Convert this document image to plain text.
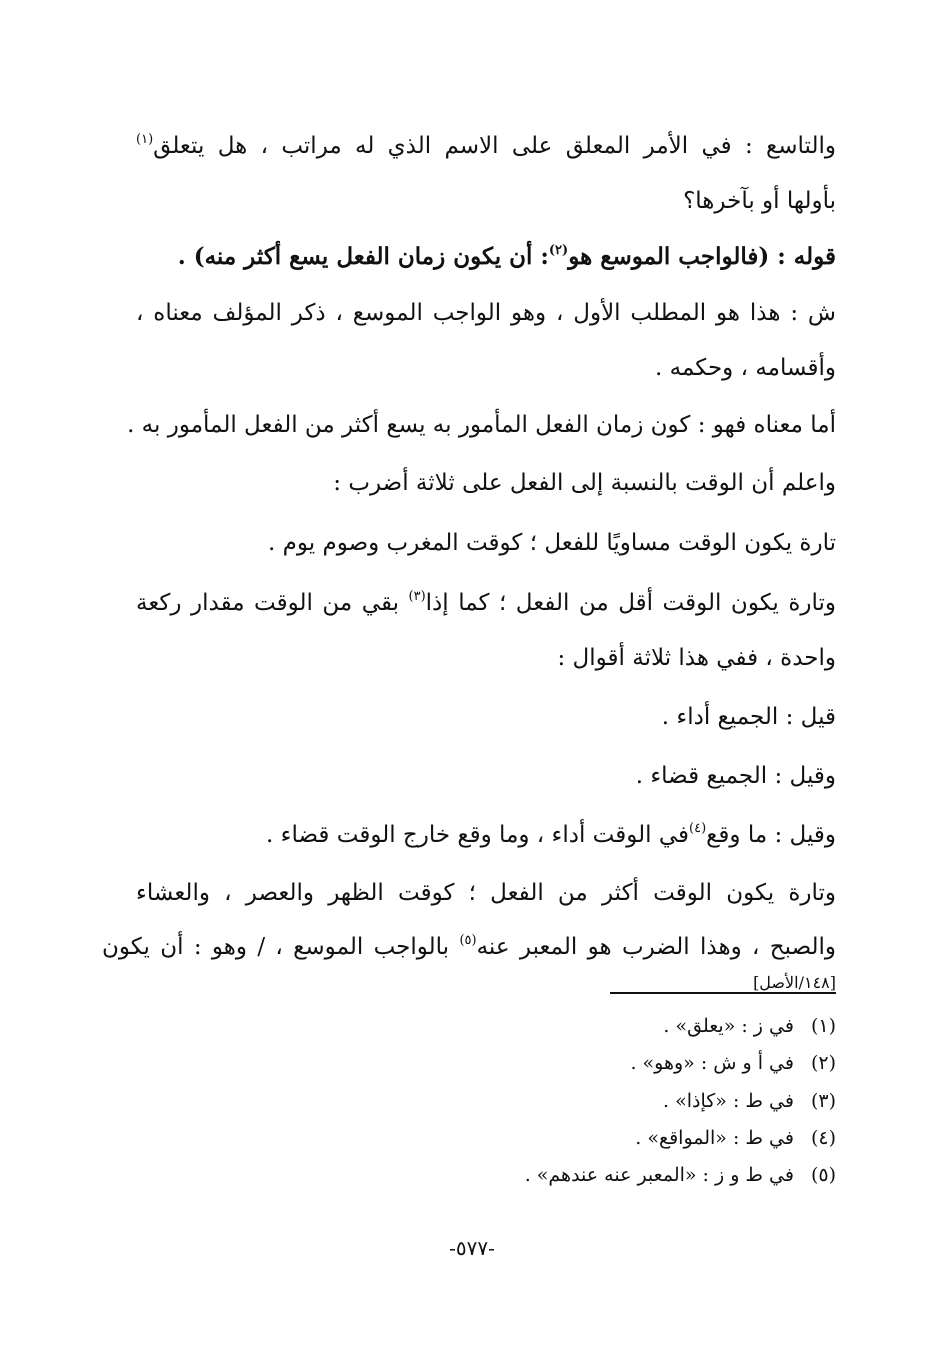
والتاسع : في الأمر المعلق على الاسم الذي له مراتب ، هل يتعلق$^{(١)}$
بأولها أو بآخرها؟
قوله : (فالواجب الموسع هو$^{(٢)}$: أن يكون زمان الفعل يسع أكثر منه) .
ش : هذا هو المطلب الأول ، وهو الواجب الموسع ، ذكر المؤلف معناه ،
وأقسامه ، وحكمه .
أما معناه فهو : كون زمان الفعل المأمور به يسع أكثر من الفعل المأمور به .
واعلم أن الوقت بالنسبة إلى الفعل على ثلاثة أضرب :
تارة يكون الوقت مساويًا للفعل ؛ كوقت المغرب وصوم يوم .
وتارة يكون الوقت أقل من الفعل ؛ كما إذا$^{(٣)}$ بقي من الوقت مقدار ركعة
واحدة ، ففي هذا ثلاثة أقوال :
قيل : الجميع أداء .
وقيل : الجميع قضاء .
وقيل : ما وقع$^{(٤)}$في الوقت أداء ، وما وقع خارج الوقت قضاء .
وتارة يكون الوقت أكثر من الفعل ؛ كوقت الظهر والعصر ، والعشاء
والصبح ، وهذا الضرب هو المعبر عنه$^{(٥)}$ بالواجب الموسع ، / وهو : أن يكون [١٤٨/الأصل]
(١) في ز : «يعلق» .
(٢) في أ و ش : «وهو» .
(٣) في ط : «كإذا» .
(٤) في ط : «المواقع» .
(٥) في ط و ز : «المعبر عنه عندهم» .
-٥٧٧-
